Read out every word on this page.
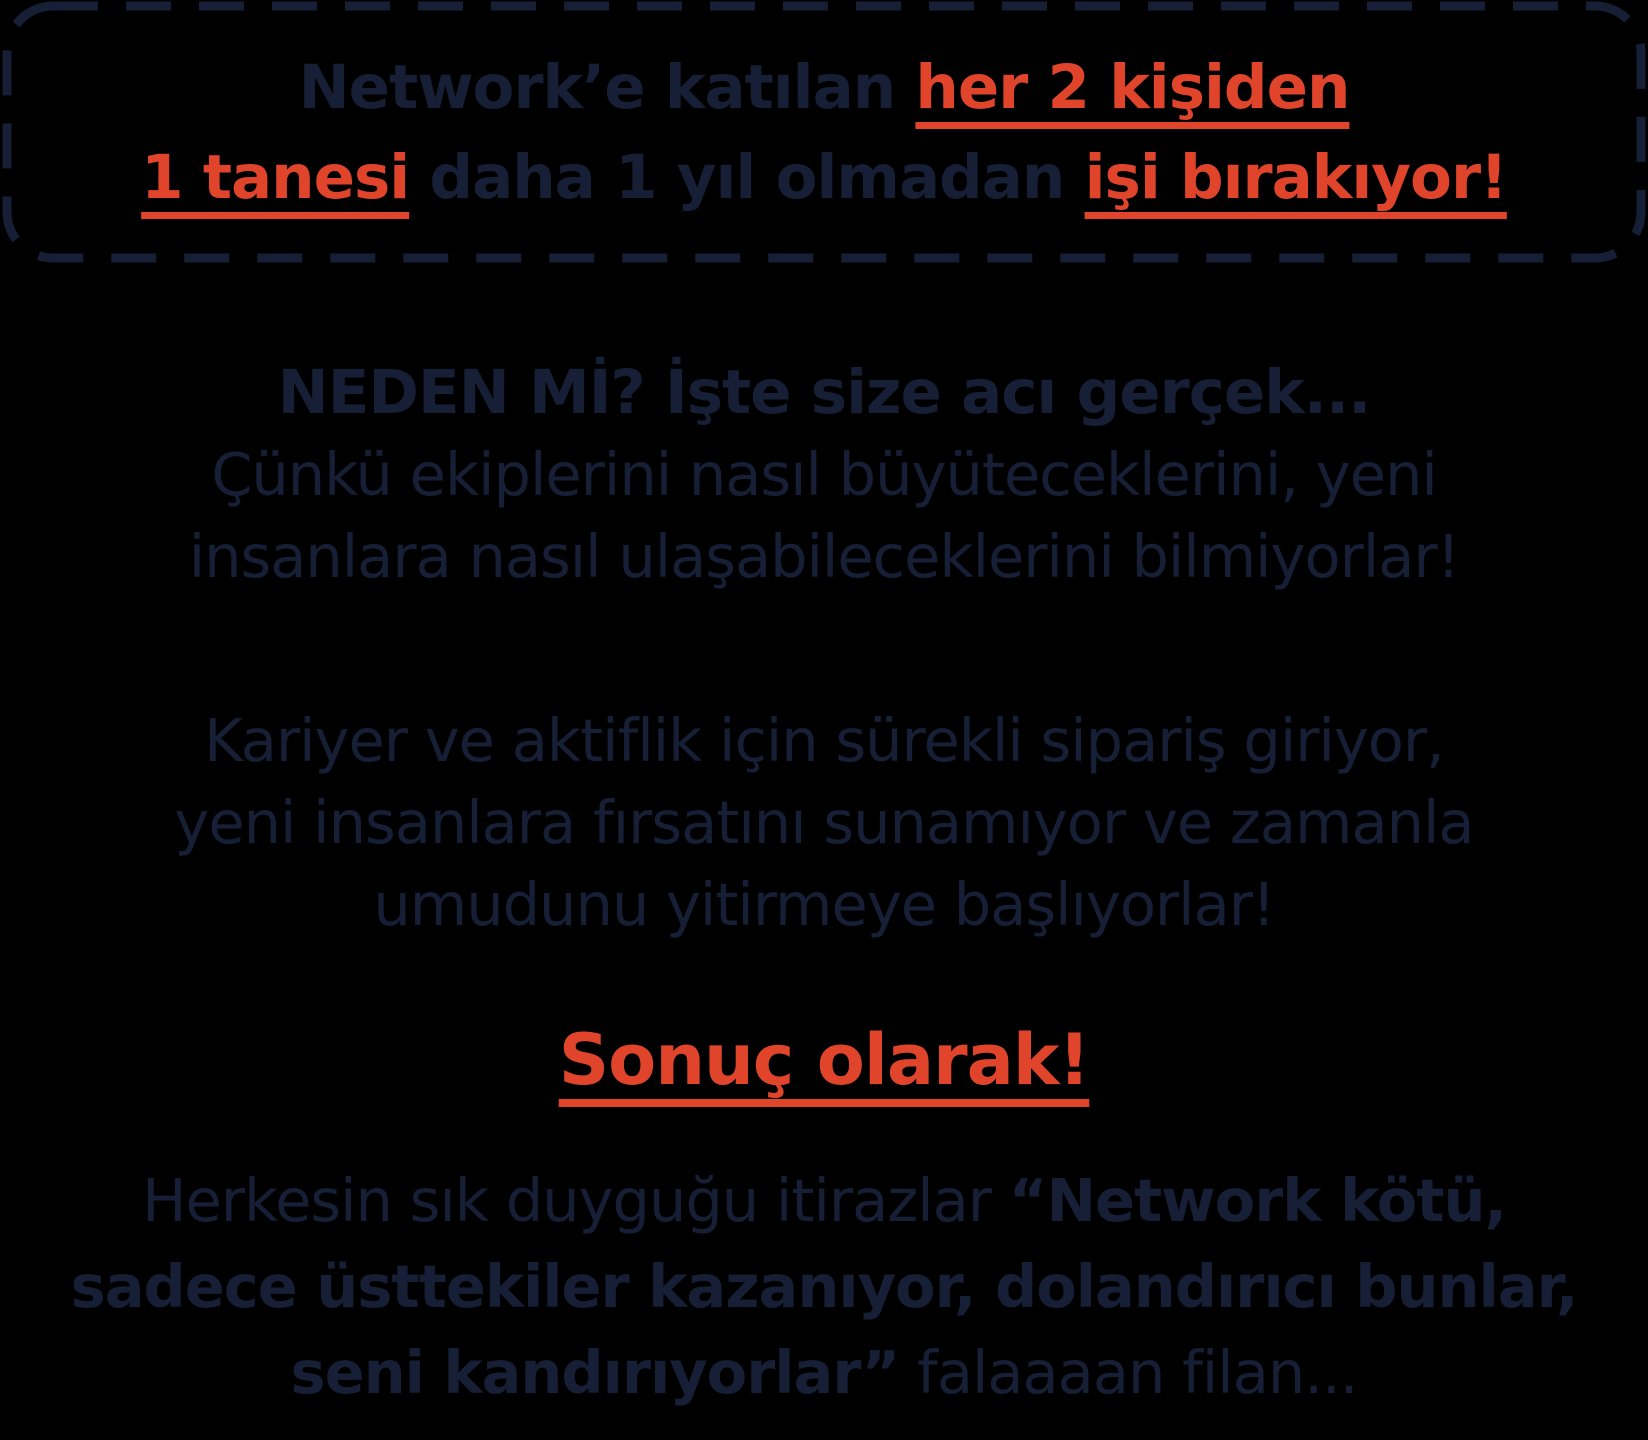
Network’e katılan her 2 kişiden
1 tanesi daha 1 yıl olmadan işi bırakıyor!
NEDEN Mİ? İşte size acı gerçek...
Çünkü ekiplerini nasıl büyüteceklerini, yeni
insanlara nasıl ulaşabileceklerini bilmiyorlar!
Kariyer ve aktiflik için sürekli sipariş giriyor,
yeni insanlara fırsatını sunamıyor ve zamanla
umudunu yitirmeye başlıyorlar!
Sonuç olarak!
Herkesin sık duyguğu itirazlar “Network kötü,
sadece üsttekiler kazanıyor, dolandırıcı bunlar,
seni kandırıyorlar” falaaaan filan...
